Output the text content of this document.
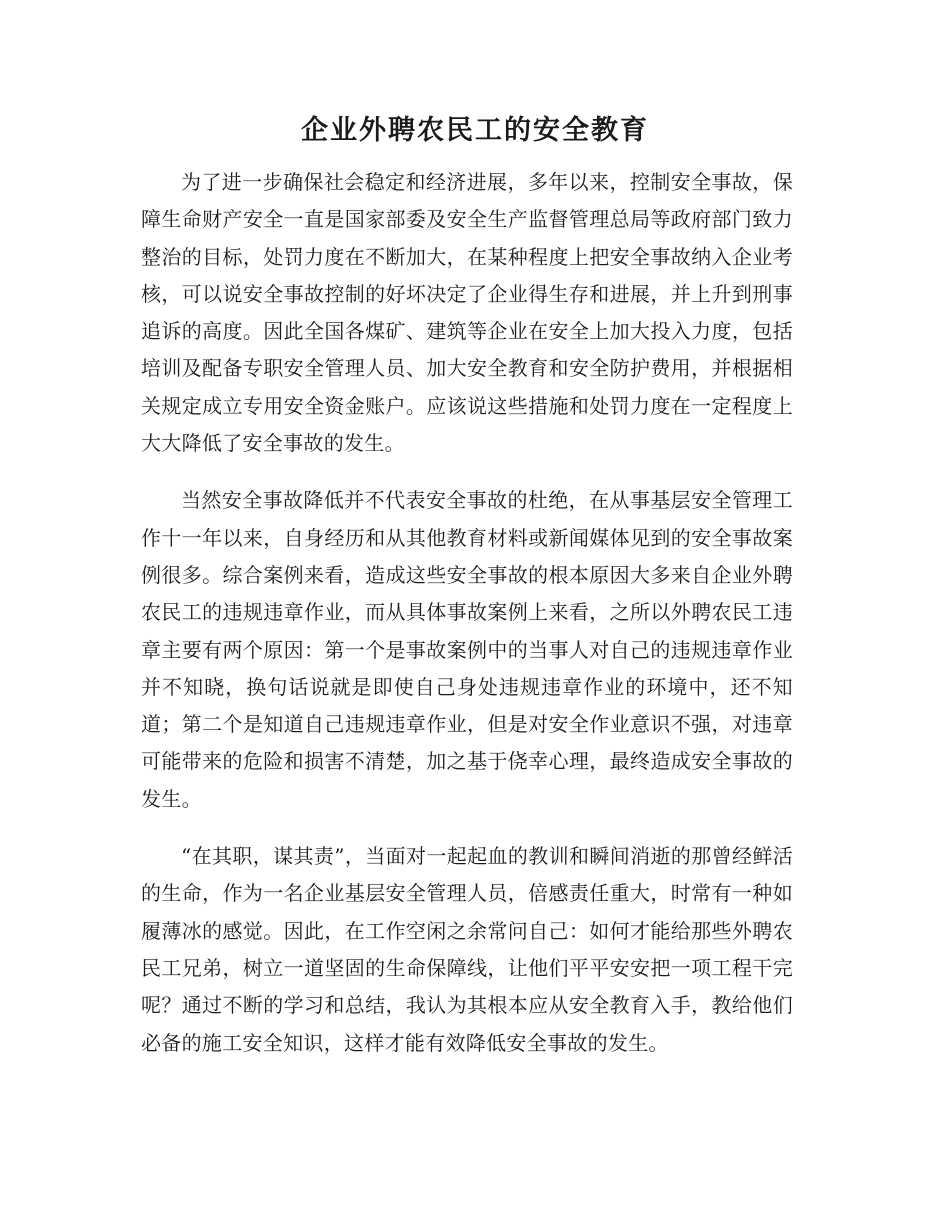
企业外聘农民工的安全教育

为了进一步确保社会稳定和经济进展，多年以来，控制安全事故，保障生命财产安全一直是国家部委及安全生产监督管理总局等政府部门致力整治的目标，处罚力度在不断加大，在某种程度上把安全事故纳入企业考核，可以说安全事故控制的好坏决定了企业得生存和进展，并上升到刑事追诉的高度。因此全国各煤矿、建筑等企业在安全上加大投入力度，包括培训及配备专职安全管理人员、加大安全教育和安全防护费用，并根据相关规定成立专用安全资金账户。应该说这些措施和处罚力度在一定程度上大大降低了安全事故的发生。

当然安全事故降低并不代表安全事故的杜绝，在从事基层安全管理工作十一年以来，自身经历和从其他教育材料或新闻媒体见到的安全事故案例很多。综合案例来看，造成这些安全事故的根本原因大多来自企业外聘农民工的违规违章作业，而从具体事故案例上来看，之所以外聘农民工违章主要有两个原因：第一个是事故案例中的当事人对自己的违规违章作业并不知晓，换句话说就是即使自己身处违规违章作业的环境中，还不知道；第二个是知道自己违规违章作业，但是对安全作业意识不强，对违章可能带来的危险和损害不清楚，加之基于侥幸心理，最终造成安全事故的发生。

“在其职，谋其责”，当面对一起起血的教训和瞬间消逝的那曾经鲜活的生命，作为一名企业基层安全管理人员，倍感责任重大，时常有一种如履薄冰的感觉。因此，在工作空闲之余常问自己：如何才能给那些外聘农民工兄弟，树立一道坚固的生命保障线，让他们平平安安把一项工程干完呢？通过不断的学习和总结，我认为其根本应从安全教育入手，教给他们必备的施工安全知识，这样才能有效降低安全事故的发生。
